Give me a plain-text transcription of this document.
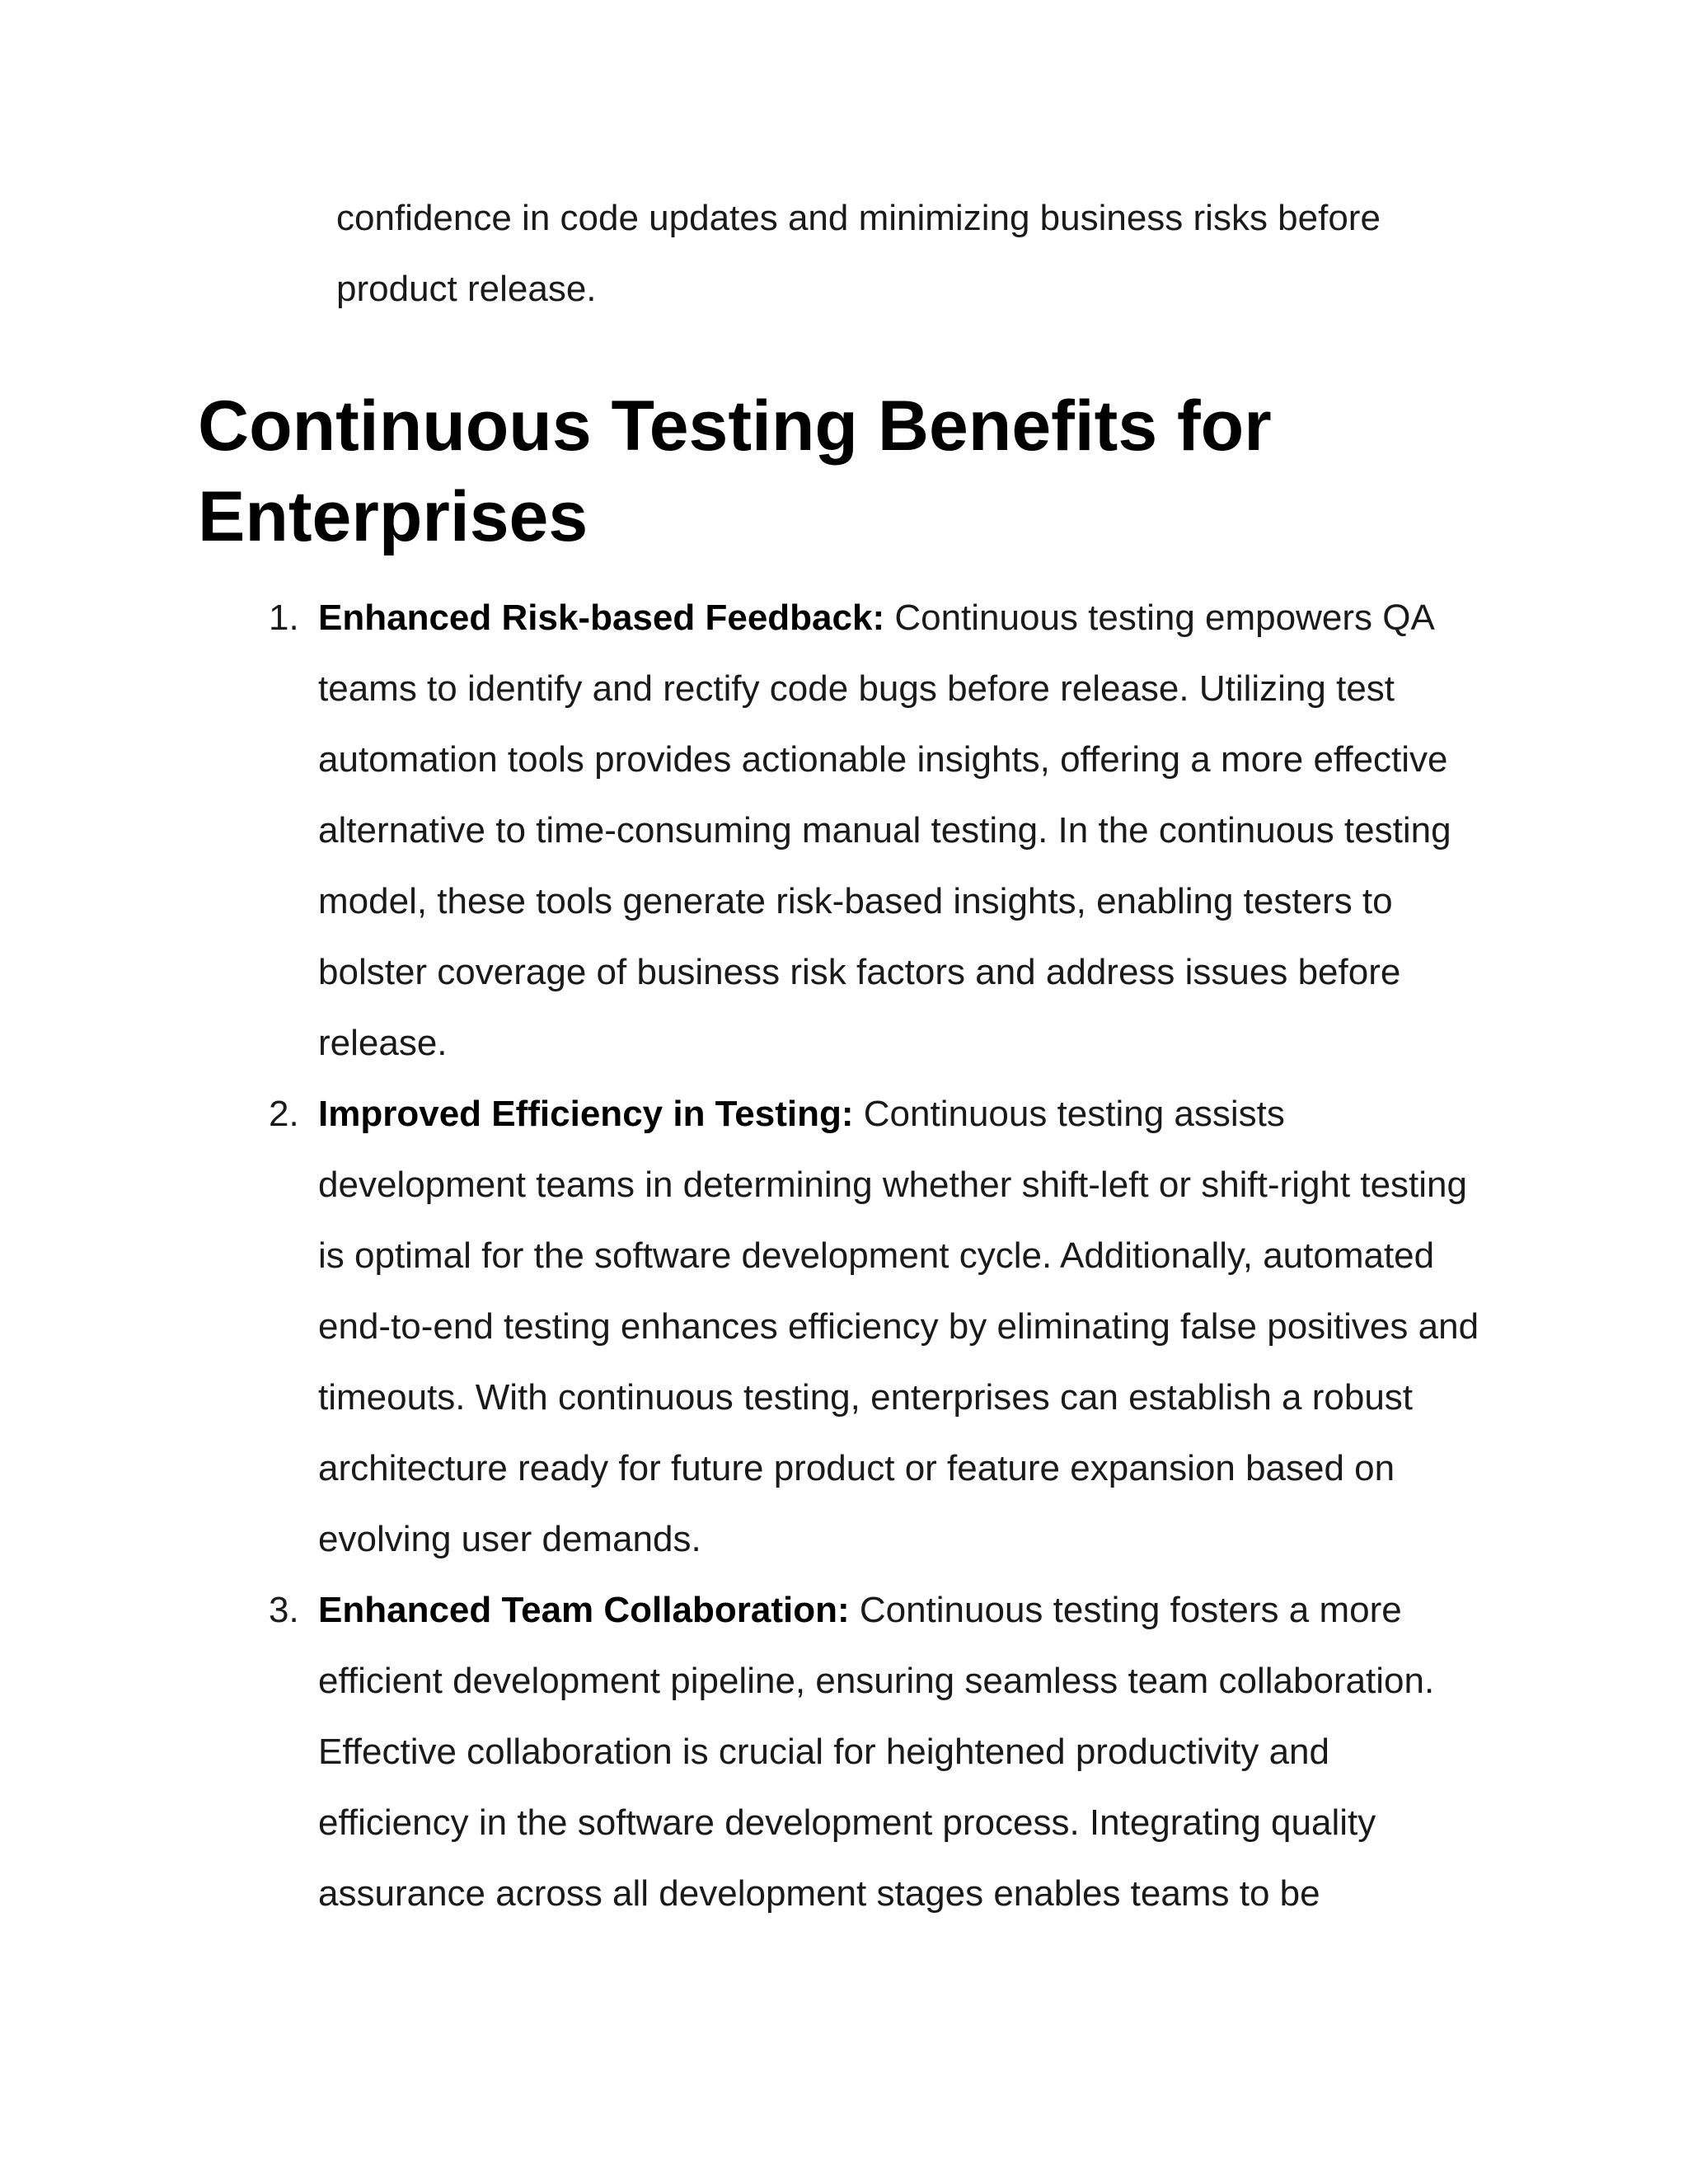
confidence in code updates and minimizing business risks before product release.

Continuous Testing Benefits for Enterprises
1. Enhanced Risk-based Feedback: Continuous testing empowers QA teams to identify and rectify code bugs before release. Utilizing test automation tools provides actionable insights, offering a more effective alternative to time-consuming manual testing. In the continuous testing model, these tools generate risk-based insights, enabling testers to bolster coverage of business risk factors and address issues before release.
2. Improved Efficiency in Testing: Continuous testing assists development teams in determining whether shift-left or shift-right testing is optimal for the software development cycle. Additionally, automated end-to-end testing enhances efficiency by eliminating false positives and timeouts. With continuous testing, enterprises can establish a robust architecture ready for future product or feature expansion based on evolving user demands.
3. Enhanced Team Collaboration: Continuous testing fosters a more efficient development pipeline, ensuring seamless team collaboration. Effective collaboration is crucial for heightened productivity and efficiency in the software development process. Integrating quality assurance across all development stages enables teams to be
